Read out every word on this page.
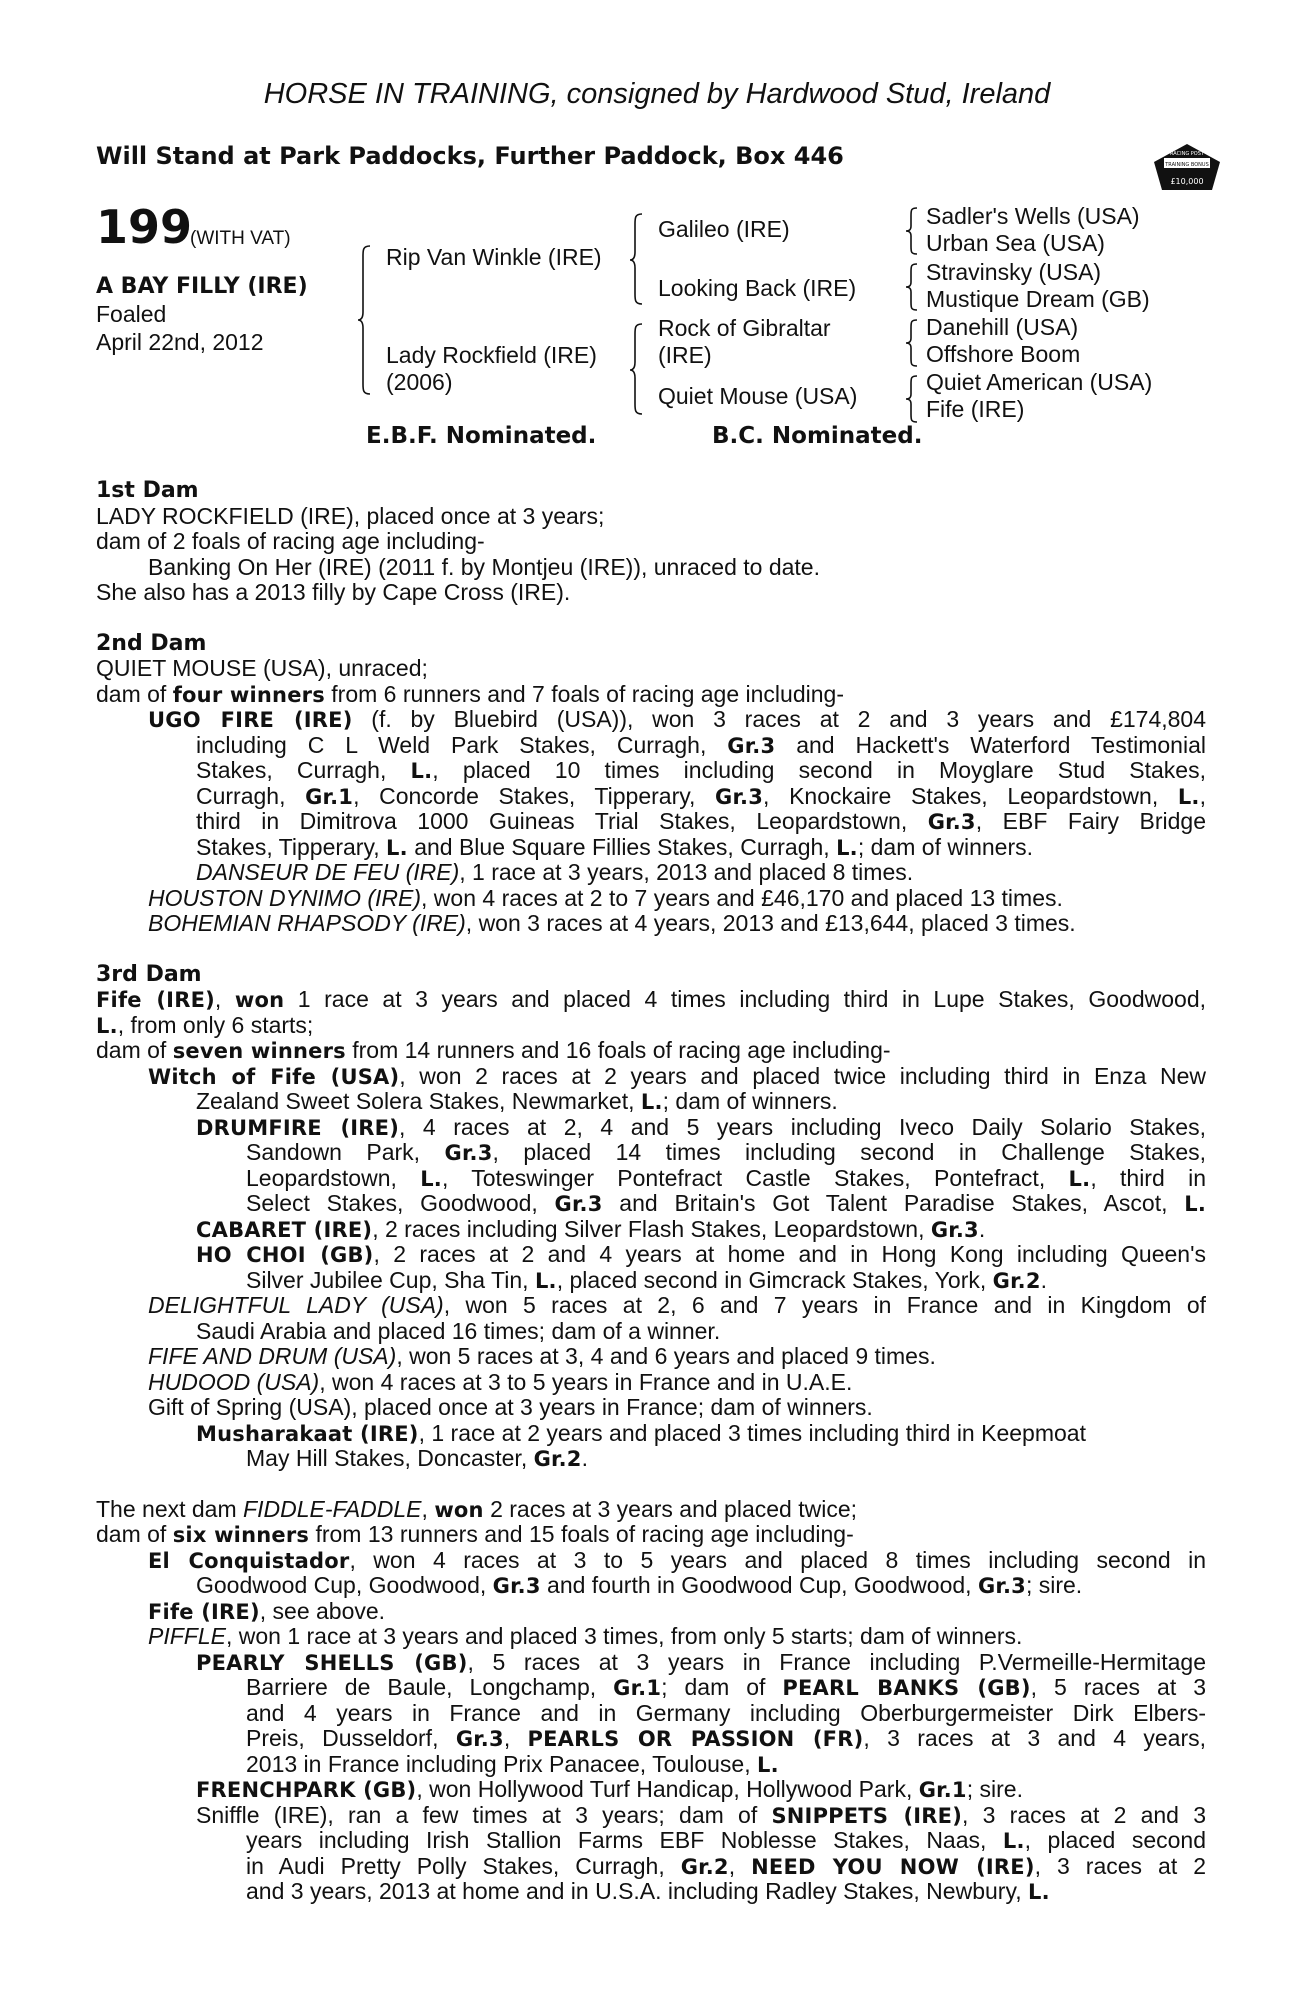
HORSE IN TRAINING, consigned by Hardwood Stud, Ireland
Will Stand at Park Paddocks, Further Paddock, Box 446	RACING POST
TRAINING BONUS
£10,000
199
(WITH VAT)
A BAY FILLY (IRE)
Foaled
April 22nd, 2012
Rip Van Winkle (IRE)
Lady Rockfield (IRE)
(2006)
Galileo (IRE)
Looking Back (IRE)
Rock of Gibraltar
(IRE)
Quiet Mouse (USA)
Sadler's Wells (USA)
Urban Sea (USA)
Stravinsky (USA)
Mustique Dream (GB)
Danehill (USA)
Offshore Boom
Quiet American (USA)
Fife (IRE)
E.B.F. Nominated.	B.C. Nominated.
1st Dam
LADY ROCKFIELD (IRE), placed once at 3 years;
dam of 2 foals of racing age including-
Banking On Her (IRE) (2011 f. by Montjeu (IRE)), unraced to date.
She also has a 2013 filly by Cape Cross (IRE).
2nd Dam
QUIET MOUSE (USA), unraced;
dam of four winners from 6 runners and 7 foals of racing age including-
UGO FIRE (IRE) (f. by Bluebird (USA)), won 3 races at 2 and 3 years and £174,804
including C L Weld Park Stakes, Curragh, Gr.3 and Hackett's Waterford Testimonial
Stakes, Curragh, L., placed 10 times including second in Moyglare Stud Stakes,
Curragh, Gr.1, Concorde Stakes, Tipperary, Gr.3, Knockaire Stakes, Leopardstown, L.,
third in Dimitrova 1000 Guineas Trial Stakes, Leopardstown, Gr.3, EBF Fairy Bridge
Stakes, Tipperary, L. and Blue Square Fillies Stakes, Curragh, L.; dam of winners.
DANSEUR DE FEU (IRE), 1 race at 3 years, 2013 and placed 8 times.
HOUSTON DYNIMO (IRE), won 4 races at 2 to 7 years and £46,170 and placed 13 times.
BOHEMIAN RHAPSODY (IRE), won 3 races at 4 years, 2013 and £13,644, placed 3 times.
3rd Dam
Fife (IRE), won 1 race at 3 years and placed 4 times including third in Lupe Stakes, Goodwood,
L., from only 6 starts;
dam of seven winners from 14 runners and 16 foals of racing age including-
Witch of Fife (USA), won 2 races at 2 years and placed twice including third in Enza New
Zealand Sweet Solera Stakes, Newmarket, L.; dam of winners.
DRUMFIRE (IRE), 4 races at 2, 4 and 5 years including Iveco Daily Solario Stakes,
Sandown Park, Gr.3, placed 14 times including second in Challenge Stakes,
Leopardstown, L., Toteswinger Pontefract Castle Stakes, Pontefract, L., third in
Select Stakes, Goodwood, Gr.3 and Britain's Got Talent Paradise Stakes, Ascot, L.
CABARET (IRE), 2 races including Silver Flash Stakes, Leopardstown, Gr.3.
HO CHOI (GB), 2 races at 2 and 4 years at home and in Hong Kong including Queen's
Silver Jubilee Cup, Sha Tin, L., placed second in Gimcrack Stakes, York, Gr.2.
DELIGHTFUL LADY (USA), won 5 races at 2, 6 and 7 years in France and in Kingdom of
Saudi Arabia and placed 16 times; dam of a winner.
FIFE AND DRUM (USA), won 5 races at 3, 4 and 6 years and placed 9 times.
HUDOOD (USA), won 4 races at 3 to 5 years in France and in U.A.E.
Gift of Spring (USA), placed once at 3 years in France; dam of winners.
Musharakaat (IRE), 1 race at 2 years and placed 3 times including third in Keepmoat
May Hill Stakes, Doncaster, Gr.2.
The next dam FIDDLE-FADDLE, won 2 races at 3 years and placed twice;
dam of six winners from 13 runners and 15 foals of racing age including-
El Conquistador, won 4 races at 3 to 5 years and placed 8 times including second in
Goodwood Cup, Goodwood, Gr.3 and fourth in Goodwood Cup, Goodwood, Gr.3; sire.
Fife (IRE), see above.
PIFFLE, won 1 race at 3 years and placed 3 times, from only 5 starts; dam of winners.
PEARLY SHELLS (GB), 5 races at 3 years in France including P.Vermeille-Hermitage
Barriere de Baule, Longchamp, Gr.1; dam of PEARL BANKS (GB), 5 races at 3
and 4 years in France and in Germany including Oberburgermeister Dirk Elbers-
Preis, Dusseldorf, Gr.3, PEARLS OR PASSION (FR), 3 races at 3 and 4 years,
2013 in France including Prix Panacee, Toulouse, L.
FRENCHPARK (GB), won Hollywood Turf Handicap, Hollywood Park, Gr.1; sire.
Sniffle (IRE), ran a few times at 3 years; dam of SNIPPETS (IRE), 3 races at 2 and 3
years including Irish Stallion Farms EBF Noblesse Stakes, Naas, L., placed second
in Audi Pretty Polly Stakes, Curragh, Gr.2, NEED YOU NOW (IRE), 3 races at 2
and 3 years, 2013 at home and in U.S.A. including Radley Stakes, Newbury, L.
